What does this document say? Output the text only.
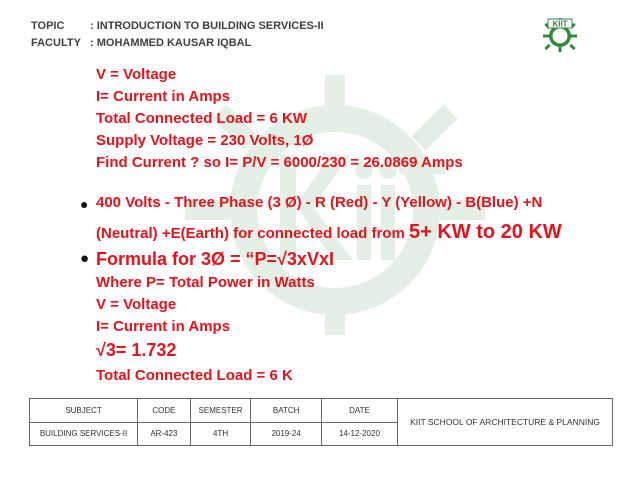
TOPIC : INTRODUCTION TO BUILDING SERVICES-II
FACULTY : MOHAMMED KAUSAR IQBAL
KIIT
V = Voltage
I= Current in Amps
Total Connected Load = 6 KW
Supply Voltage = 230 Volts, 1Ø
Find Current ? so I= P/V = 6000/230 = 26.0869 Amps
● 400 Volts - Three Phase (3 Ø) - R (Red) - Y (Yellow) - B(Blue) +N
(Neutral) +E(Earth) for connected load from 5+ KW to 20 KW
● Formula for 3Ø = “P=√3xVxI
Where P= Total Power in Watts
V = Voltage
I= Current in Amps
√3= 1.732
Total Connected Load = 6 K
SUBJECT	CODE	SEMESTER	BATCH	DATE	KIIT SCHOOL OF ARCHITECTURE & PLANNING
BUILDING SERVICES-II	AR-423	4TH	2019-24	14-12-2020	
